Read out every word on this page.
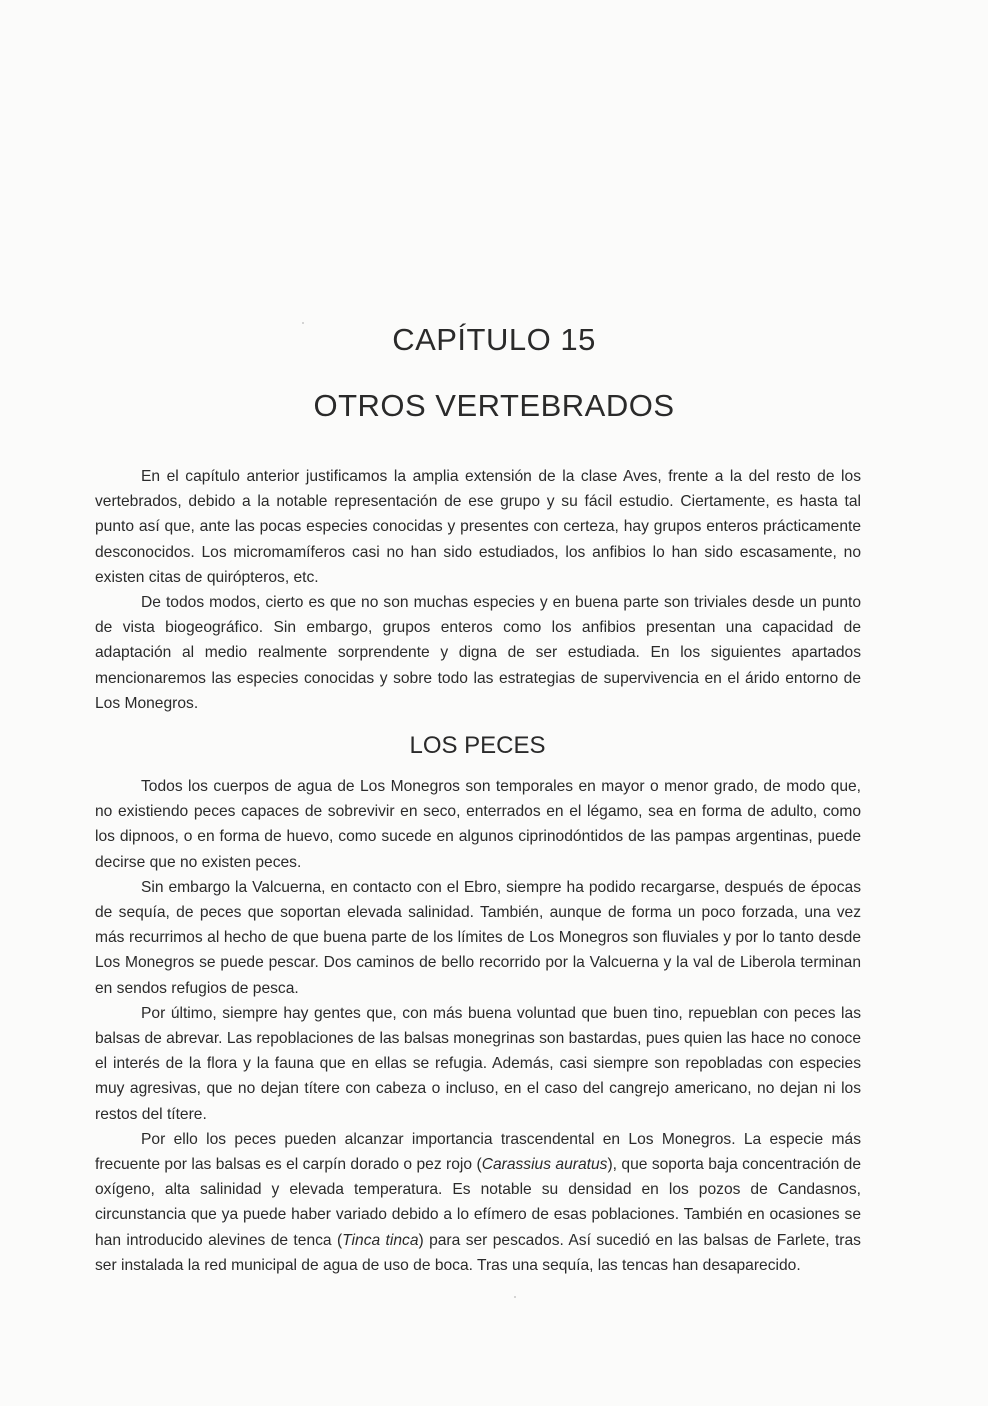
CAPÍTULO 15
OTROS VERTEBRADOS

En el capítulo anterior justificamos la amplia extensión de la clase Aves, frente a la del resto de los vertebrados, debido a la notable representación de ese grupo y su fácil estudio. Ciertamente, es hasta tal punto así que, ante las pocas especies conocidas y presentes con certeza, hay grupos enteros prácticamente desconocidos. Los micromamíferos casi no han sido estudiados, los anfibios lo han sido escasamente, no existen citas de quirópteros, etc.

De todos modos, cierto es que no son muchas especies y en buena parte son triviales desde un punto de vista biogeográfico. Sin embargo, grupos enteros como los anfibios presentan una capacidad de adaptación al medio realmente sorprendente y digna de ser estudiada. En los siguientes apartados mencionaremos las especies conocidas y sobre todo las estrategias de supervivencia en el árido entorno de Los Monegros.

LOS PECES

Todos los cuerpos de agua de Los Monegros son temporales en mayor o menor grado, de modo que, no existiendo peces capaces de sobrevivir en seco, enterrados en el légamo, sea en forma de adulto, como los dipnoos, o en forma de huevo, como sucede en algunos ciprinodóntidos de las pampas argentinas, puede decirse que no existen peces.

Sin embargo la Valcuerna, en contacto con el Ebro, siempre ha podido recargarse, después de épocas de sequía, de peces que soportan elevada salinidad. También, aunque de forma un poco forzada, una vez más recurrimos al hecho de que buena parte de los límites de Los Monegros son fluviales y por lo tanto desde Los Monegros se puede pescar. Dos caminos de bello recorrido por la Valcuerna y la val de Liberola terminan en sendos refugios de pesca.

Por último, siempre hay gentes que, con más buena voluntad que buen tino, repueblan con peces las balsas de abrevar. Las repoblaciones de las balsas monegrinas son bastardas, pues quien las hace no conoce el interés de la flora y la fauna que en ellas se refugia. Además, casi siempre son repobladas con especies muy agresivas, que no dejan títere con cabeza o incluso, en el caso del cangrejo americano, no dejan ni los restos del títere.

Por ello los peces pueden alcanzar importancia trascendental en Los Monegros. La especie más frecuente por las balsas es el carpín dorado o pez rojo (Carassius auratus), que soporta baja concentración de oxígeno, alta salinidad y elevada temperatura. Es notable su densidad en los pozos de Candasnos, circunstancia que ya puede haber variado debido a lo efímero de esas poblaciones. También en ocasiones se han introducido alevines de tenca (Tinca tinca) para ser pescados. Así sucedió en las balsas de Farlete, tras ser instalada la red municipal de agua de uso de boca. Tras una sequía, las tencas han desaparecido.
